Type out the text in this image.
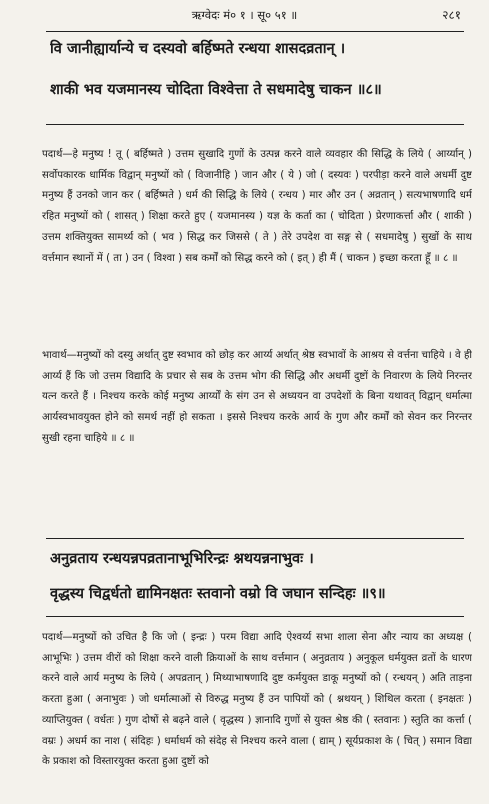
ऋग्वेदः मं० १ । सू० ५१ ॥	२८१
वि जानीह्यार्यान्ये च दस्यवो बर्हिष्मते रन्धया शासदव्रतान् ।
शाकी भव यजमानस्य चोदिता विश्वेत्ता ते सधमादेषु चाकन ॥८॥
पदार्थ—हे मनुष्य ! तू ( बर्हिष्मते ) उत्तम सुखादि गुणों के उत्पन्न करने वाले व्यवहार की सिद्धि के लिये ( आर्य्यान् ) सर्वोपकारक धार्मिक विद्वान् मनुष्यों को ( विजानीहि ) जान और ( ये ) जो ( दस्यवः ) परपीड़ा करने वाले अधर्मी दुष्ट मनुष्य हैं उनको जान कर ( बर्हिष्मते ) धर्म की सिद्धि के लिये ( रन्धय ) मार और उन ( अव्रतान् ) सत्यभाषणादि धर्म रहित मनुष्यों को ( शासत् ) शिक्षा करते हुए ( यजमानस्य ) यज्ञ के कर्ता का ( चोदिता ) प्रेरणाकर्त्ता और ( शाकी ) उत्तम शक्तियुक्त सामर्थ्य को ( भव ) सिद्ध कर जिससे ( ते ) तेरे उपदेश वा सङ्ग से ( सधमादेषु ) सुखों के साथ वर्त्तमान स्थानों में ( ता ) उन ( विश्वा ) सब कर्मों को सिद्ध करने को ( इत् ) ही मैं ( चाकन ) इच्छा करता हूँ ॥ ८ ॥
भावार्थ—मनुष्यों को दस्यु अर्थात् दुष्ट स्वभाव को छोड़ कर आर्य्य अर्थात् श्रेष्ठ स्वभावों के आश्रय से वर्त्तना चाहिये । वे ही आर्य्य हैं कि जो उत्तम विद्यादि के प्रचार से सब के उत्तम भोग की सिद्धि और अधर्मी दुष्टों के निवारण के लिये निरन्तर यत्न करते हैं । निश्चय करके कोई मनुष्य आर्य्यों के संग उन से अध्ययन वा उपदेशों के बिना यथावत् विद्वान् धर्मात्मा आर्यस्वभावयुक्त होने को समर्थ नहीं हो सकता । इससे निश्चय करके आर्य के गुण और कर्मों को सेवन कर निरन्तर सुखी रहना चाहिये ॥ ८ ॥
अनुव्रताय रन्धयन्नपव्रतानाभूभिरिन्द्रः श्नथयन्ननाभुवः ।
वृद्धस्य चिद्वर्धतो द्यामिनक्षतः स्तवानो वम्रो वि जघान सन्दिहः ॥९॥
पदार्थ—मनुष्यों को उचित है कि जो ( इन्द्रः ) परम विद्या आदि ऐश्वर्य्य सभा शाला सेना और न्याय का अध्यक्ष ( आभूभिः ) उत्तम वीरों को शिक्षा करने वाली क्रियाओं के साथ वर्त्तमान ( अनुव्रताय ) अनुकूल धर्मयुक्त व्रतों के धारण करने वाले आर्य मनुष्य के लिये ( अपव्रतान् ) मिथ्याभाषणादि दुष्ट कर्मयुक्त डाकू मनुष्यों को ( रन्धयन् ) अति ताड़ना करता हुआ ( अनाभुवः ) जो धर्मात्माओं से विरुद्ध मनुष्य हैं उन पापियों को ( श्नथयन् ) शिथिल करता ( इनक्षतः ) व्याप्तियुक्त ( वर्धतः ) गुण दोषों से बढ़ने वाले ( वृद्धस्य ) ज्ञानादि गुणों से युक्त श्रेष्ठ की ( स्तवानः ) स्तुति का कर्त्ता ( वम्रः ) अधर्म का नाश ( संदिहः ) धर्माधर्म को संदेह से निश्चय करने वाला ( द्याम् ) सूर्यप्रकाश के ( चित् ) समान विद्या के प्रकाश को विस्तारयुक्त करता हुआ दुष्टों को
